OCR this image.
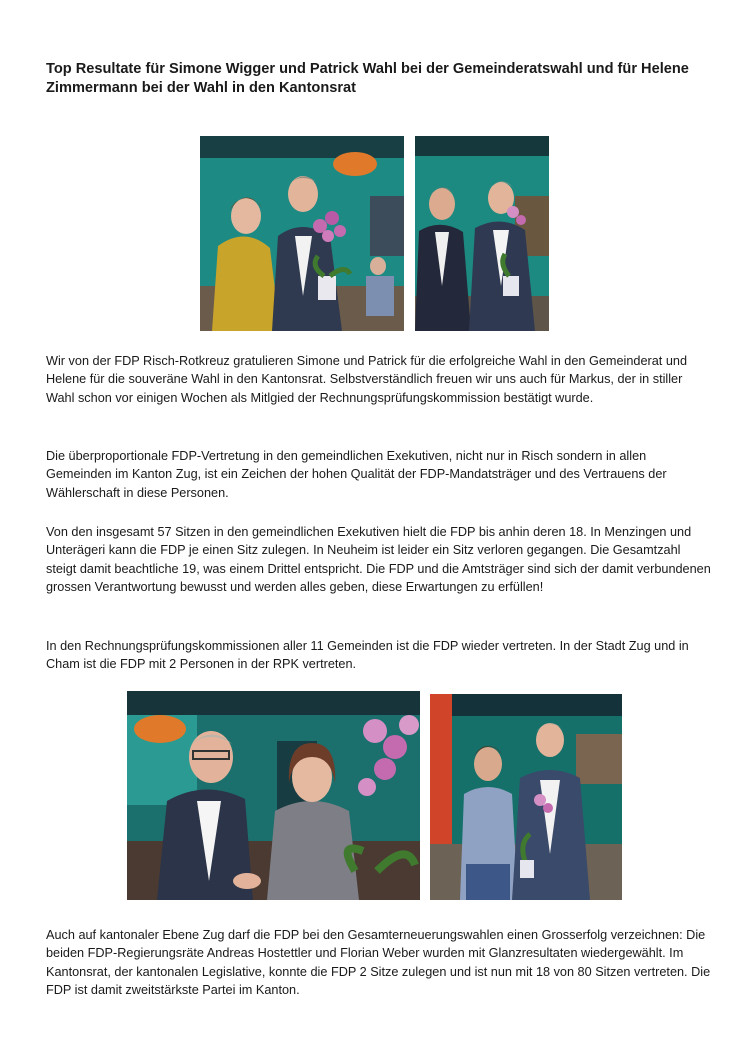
Top Resultate für Simone Wigger und Patrick Wahl bei der Gemeinderatswahl und für Helene Zimmermann bei der Wahl in den Kantonsrat

Wir von der FDP Risch-Rotkreuz gratulieren Simone und Patrick für die erfolgreiche Wahl in den Gemeinderat und Helene für die souveräne Wahl in den Kantonsrat. Selbstverständlich freuen wir uns auch für Markus, der in stiller Wahl schon vor einigen Wochen als Mitlgied der Rechnungsprüfungskommission bestätigt wurde.

Die überproportionale FDP-Vertretung in den gemeindlichen Exekutiven, nicht nur in Risch sondern in allen Gemeinden im Kanton Zug, ist ein Zeichen der hohen Qualität der FDP-Mandatsträger und des Vertrauens der Wählerschaft in diese Personen.

Von den insgesamt 57 Sitzen in den gemeindlichen Exekutiven hielt die FDP bis anhin deren 18. In Menzingen und Unterägeri kann die FDP je einen Sitz zulegen. In Neuheim ist leider ein Sitz verloren gegangen. Die Gesamtzahl steigt damit beachtliche 19, was einem Drittel entspricht. Die FDP und die Amtsträger sind sich der damit verbundenen grossen Verantwortung bewusst und werden alles geben, diese Erwartungen zu erfüllen!

In den Rechnungsprüfungskommissionen aller 11 Gemeinden ist die FDP wieder vertreten. In der Stadt Zug und in Cham ist die FDP mit 2 Personen in der RPK vertreten.

Auch auf kantonaler Ebene Zug darf die FDP bei den Gesamterneuerungswahlen einen Grosserfolg verzeichnen: Die beiden FDP-Regierungsräte Andreas Hostettler und Florian Weber wurden mit Glanzresultaten wiedergewählt. Im Kantonsrat, der kantonalen Legislative, konnte die FDP 2 Sitze zulegen und ist nun mit 18 von 80 Sitzen vertreten. Die FDP ist damit zweitstärkste Partei im Kanton.
